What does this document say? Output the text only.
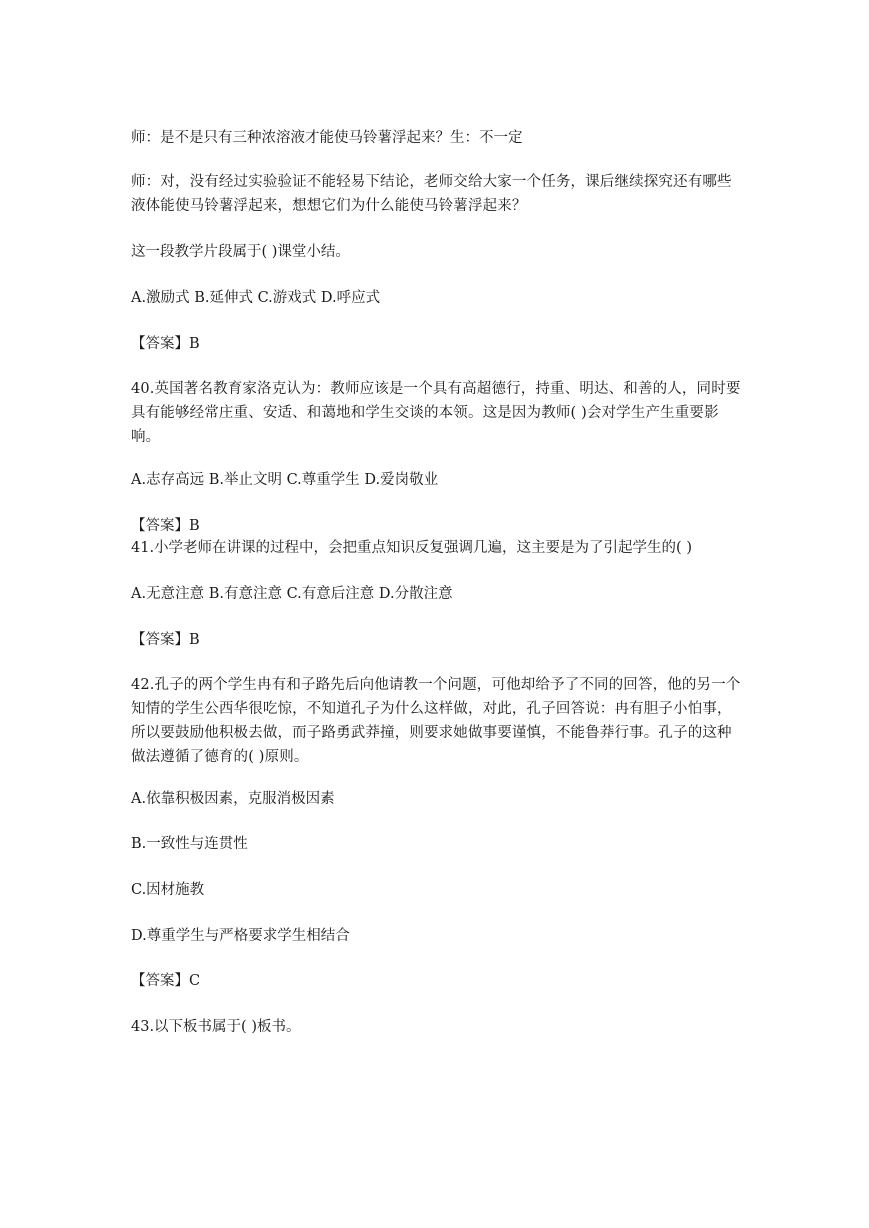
师：是不是只有三种浓溶液才能使马铃薯浮起来？生：不一定
师：对，没有经过实验验证不能轻易下结论，老师交给大家一个任务，课后继续探究还有哪些液体能使马铃薯浮起来，想想它们为什么能使马铃薯浮起来？
这一段教学片段属于( )课堂小结。
A.激励式 B.延伸式 C.游戏式 D.呼应式
【答案】B
40.英国著名教育家洛克认为：教师应该是一个具有高超德行，持重、明达、和善的人，同时要具有能够经常庄重、安适、和蔼地和学生交谈的本领。这是因为教师( )会对学生产生重要影响。
A.志存高远 B.举止文明 C.尊重学生 D.爱岗敬业
【答案】B
41.小学老师在讲课的过程中，会把重点知识反复强调几遍，这主要是为了引起学生的( )
A.无意注意 B.有意注意 C.有意后注意 D.分散注意
【答案】B
42.孔子的两个学生冉有和子路先后向他请教一个问题，可他却给予了不同的回答，他的另一个知情的学生公西华很吃惊，不知道孔子为什么这样做，对此，孔子回答说：冉有胆子小怕事，所以要鼓励他积极去做，而子路勇武莽撞，则要求她做事要谨慎，不能鲁莽行事。孔子的这种做法遵循了德育的( )原则。
A.依靠积极因素，克服消极因素
B.一致性与连贯性
C.因材施教
D.尊重学生与严格要求学生相结合
【答案】C
43.以下板书属于( )板书。
